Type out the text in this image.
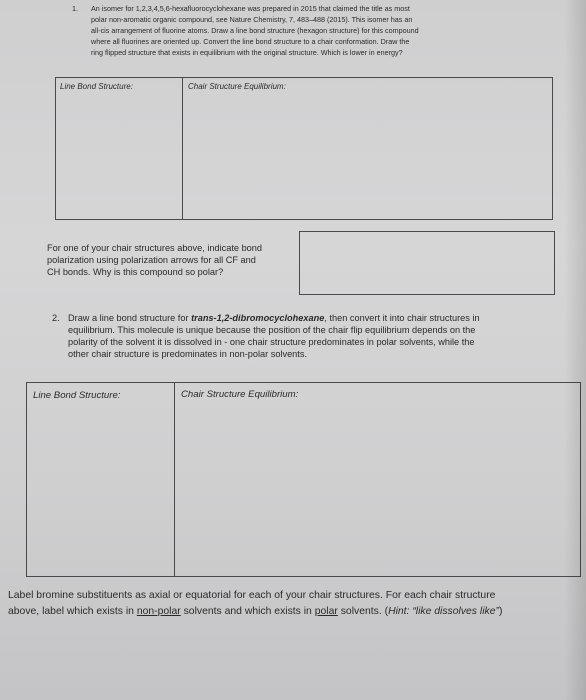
1. An isomer for 1,2,3,4,5,6-hexafluorocyclohexane was prepared in 2015 that claimed the title as most
polar non-aromatic organic compound, see Nature Chemistry, 7, 483–488 (2015). This isomer has an
all-cis arrangement of fluorine atoms. Draw a line bond structure (hexagon structure) for this compound
where all fluorines are oriented up. Convert the line bond structure to a chair conformation. Draw the
ring flipped structure that exists in equilibrium with the original structure. Which is lower in energy?
Line Bond Structure:	Chair Structure Equilibrium:
For one of your chair structures above, indicate bond
polarization using polarization arrows for all CF and
CH bonds. Why is this compound so polar?
2. Draw a line bond structure for trans-1,2-dibromocyclohexane, then convert it into chair structures in
equilibrium. This molecule is unique because the position of the chair flip equilibrium depends on the
polarity of the solvent it is dissolved in - one chair structure predominates in polar solvents, while the
other chair structure is predominates in non-polar solvents.
Line Bond Structure:	Chair Structure Equilibrium:
Label bromine substituents as axial or equatorial for each of your chair structures. For each chair structure
above, label which exists in non-polar solvents and which exists in polar solvents. (Hint: “like dissolves like”)
